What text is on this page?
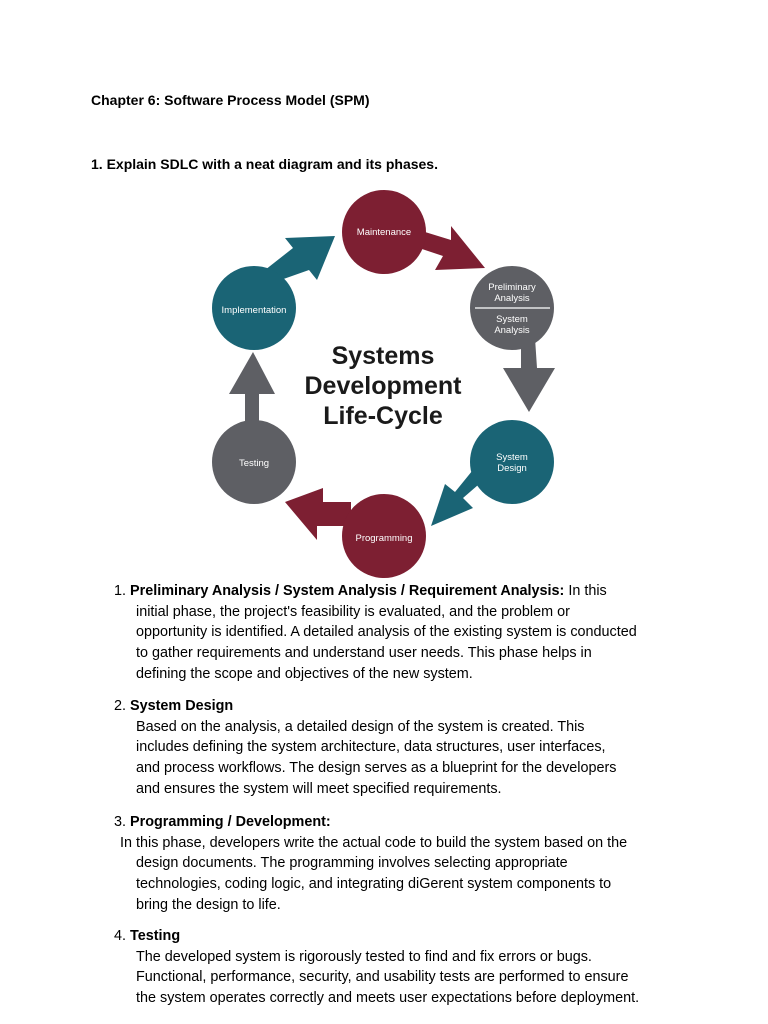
Chapter 6: Software Process Model (SPM)
1. Explain SDLC with a neat diagram and its phases.
Maintenance
Preliminary
Analysis
System
Analysis
System
Design
Programming
Testing
Implementation
Systems
Development
Life-Cycle
1. Preliminary Analysis / System Analysis / Requirement Analysis: In this
initial phase, the project's feasibility is evaluated, and the problem or
opportunity is identified. A detailed analysis of the existing system is conducted
to gather requirements and understand user needs. This phase helps in
defining the scope and objectives of the new system.
2. System Design
Based on the analysis, a detailed design of the system is created. This
includes defining the system architecture, data structures, user interfaces,
and process workflows. The design serves as a blueprint for the developers
and ensures the system will meet specified requirements.
3. Programming / Development:
In this phase, developers write the actual code to build the system based on the
design documents. The programming involves selecting appropriate
technologies, coding logic, and integrating diGerent system components to
bring the design to life.
4. Testing
The developed system is rigorously tested to find and fix errors or bugs.
Functional, performance, security, and usability tests are performed to ensure
the system operates correctly and meets user expectations before deployment.
